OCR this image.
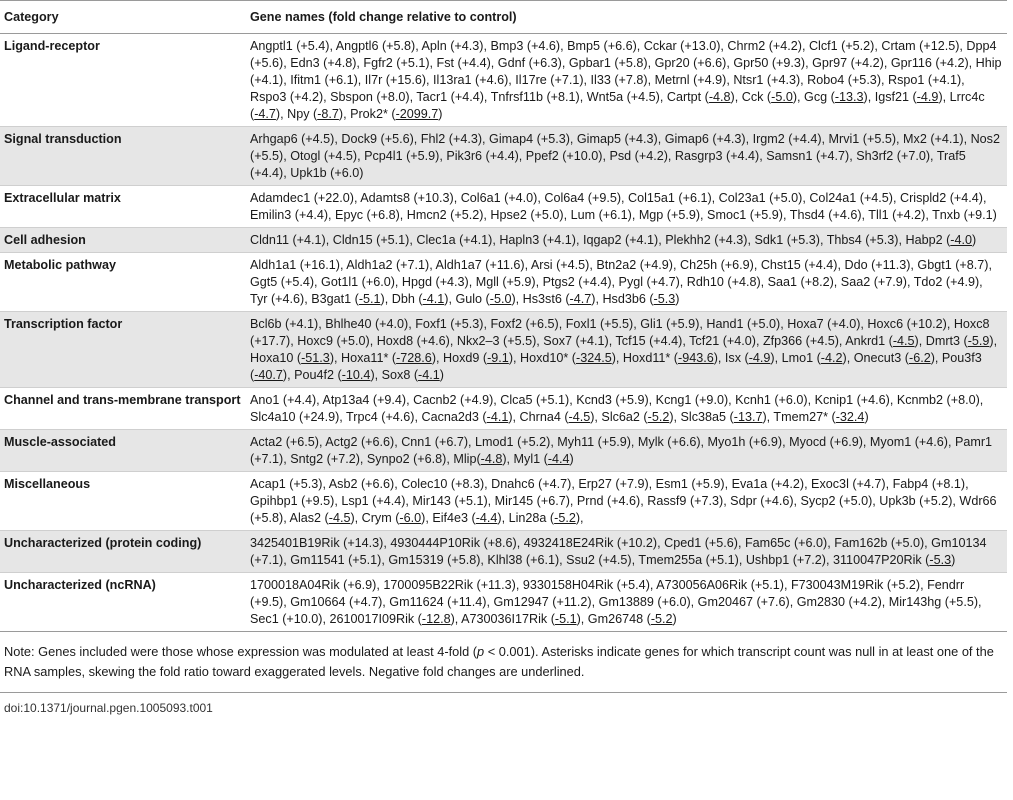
Category	Gene names (fold change relative to control)
Ligand-receptor	Angptl1 (+5.4), Angptl6 (+5.8), Apln (+4.3), Bmp3 (+4.6), Bmp5 (+6.6), Cckar (+13.0), Chrm2 (+4.2), Clcf1 (+5.2), Crtam (+12.5), Dpp4 (+5.6), Edn3 (+4.8), Fgfr2 (+5.1), Fst (+4.4), Gdnf (+6.3), Gpbar1 (+5.8), Gpr20 (+6.6), Gpr50 (+9.3), Gpr97 (+4.2), Gpr116 (+4.2), Hhip (+4.1), Ifitm1 (+6.1), Il7r (+15.6), Il13ra1 (+4.6), Il17re (+7.1), Il33 (+7.8), Metrnl (+4.9), Ntsr1 (+4.3), Robo4 (+5.3), Rspo1 (+4.1), Rspo3 (+4.2), Sbspon (+8.0), Tacr1 (+4.4), Tnfrsf11b (+8.1), Wnt5a (+4.5), Cartpt (-4.8), Cck (-5.0), Gcg (-13.3), Igsf21 (-4.9), Lrrc4c (-4.7), Npy (-8.7), Prok2* (-2099.7)
Signal transduction	Arhgap6 (+4.5), Dock9 (+5.6), Fhl2 (+4.3), Gimap4 (+5.3), Gimap5 (+4.3), Gimap6 (+4.3), Irgm2 (+4.4), Mrvi1 (+5.5), Mx2 (+4.1), Nos2 (+5.5), Otogl (+4.5), Pcp4l1 (+5.9), Pik3r6 (+4.4), Ppef2 (+10.0), Psd (+4.2), Rasgrp3 (+4.4), Samsn1 (+4.7), Sh3rf2 (+7.0), Traf5 (+4.4), Upk1b (+6.0)
Extracellular matrix	Adamdec1 (+22.0), Adamts8 (+10.3), Col6a1 (+4.0), Col6a4 (+9.5), Col15a1 (+6.1), Col23a1 (+5.0), Col24a1 (+4.5), Crispld2 (+4.4), Emilin3 (+4.4), Epyc (+6.8), Hmcn2 (+5.2), Hpse2 (+5.0), Lum (+6.1), Mgp (+5.9), Smoc1 (+5.9), Thsd4 (+4.6), Tll1 (+4.2), Tnxb (+9.1)
Cell adhesion	Cldn11 (+4.1), Cldn15 (+5.1), Clec1a (+4.1), Hapln3 (+4.1), Iqgap2 (+4.1), Plekhh2 (+4.3), Sdk1 (+5.3), Thbs4 (+5.3), Habp2 (-4.0)
Metabolic pathway	Aldh1a1 (+16.1), Aldh1a2 (+7.1), Aldh1a7 (+11.6), Arsi (+4.5), Btn2a2 (+4.9), Ch25h (+6.9), Chst15 (+4.4), Ddo (+11.3), Gbgt1 (+8.7), Ggt5 (+5.4), Got1l1 (+6.0), Hpgd (+4.3), Mgll (+5.9), Ptgs2 (+4.4), Pygl (+4.7), Rdh10 (+4.8), Saa1 (+8.2), Saa2 (+7.9), Tdo2 (+4.9), Tyr (+4.6), B3gat1 (-5.1), Dbh (-4.1), Gulo (-5.0), Hs3st6 (-4.7), Hsd3b6 (-5.3)
Transcription factor	Bcl6b (+4.1), Bhlhe40 (+4.0), Foxf1 (+5.3), Foxf2 (+6.5), Foxl1 (+5.5), Gli1 (+5.9), Hand1 (+5.0), Hoxa7 (+4.0), Hoxc6 (+10.2), Hoxc8 (+17.7), Hoxc9 (+5.0), Hoxd8 (+4.6), Nkx2–3 (+5.5), Sox7 (+4.1), Tcf15 (+4.4), Tcf21 (+4.0), Zfp366 (+4.5), Ankrd1 (-4.5), Dmrt3 (-5.9), Hoxa10 (-51.3), Hoxa11* (-728.6), Hoxd9 (-9.1), Hoxd10* (-324.5), Hoxd11* (-943.6), Isx (-4.9), Lmo1 (-4.2), Onecut3 (-6.2), Pou3f3 (-40.7), Pou4f2 (-10.4), Sox8 (-4.1)
Channel and trans-membrane transport	Ano1 (+4.4), Atp13a4 (+9.4), Cacnb2 (+4.9), Clca5 (+5.1), Kcnd3 (+5.9), Kcng1 (+9.0), Kcnh1 (+6.0), Kcnip1 (+4.6), Kcnmb2 (+8.0), Slc4a10 (+24.9), Trpc4 (+4.6), Cacna2d3 (-4.1), Chrna4 (-4.5), Slc6a2 (-5.2), Slc38a5 (-13.7), Tmem27* (-32.4)
Muscle-associated	Acta2 (+6.5), Actg2 (+6.6), Cnn1 (+6.7), Lmod1 (+5.2), Myh11 (+5.9), Mylk (+6.6), Myo1h (+6.9), Myocd (+6.9), Myom1 (+4.6), Pamr1 (+7.1), Sntg2 (+7.2), Synpo2 (+6.8), Mlip(-4.8), Myl1 (-4.4)
Miscellaneous	Acap1 (+5.3), Asb2 (+6.6), Colec10 (+8.3), Dnahc6 (+4.7), Erp27 (+7.9), Esm1 (+5.9), Eva1a (+4.2), Exoc3l (+4.7), Fabp4 (+8.1), Gpihbp1 (+9.5), Lsp1 (+4.4), Mir143 (+5.1), Mir145 (+6.7), Prnd (+4.6), Rassf9 (+7.3), Sdpr (+4.6), Sycp2 (+5.0), Upk3b (+5.2), Wdr66 (+5.8), Alas2 (-4.5), Crym (-6.0), Eif4e3 (-4.4), Lin28a (-5.2),
Uncharacterized (protein coding)	3425401B19Rik (+14.3), 4930444P10Rik (+8.6), 4932418E24Rik (+10.2), Cped1 (+5.6), Fam65c (+6.0), Fam162b (+5.0), Gm10134 (+7.1), Gm11541 (+5.1), Gm15319 (+5.8), Klhl38 (+6.1), Ssu2 (+4.5), Tmem255a (+5.1), Ushbp1 (+7.2), 3110047P20Rik (-5.3)
Uncharacterized (ncRNA)	1700018A04Rik (+6.9), 1700095B22Rik (+11.3), 9330158H04Rik (+5.4), A730056A06Rik (+5.1), F730043M19Rik (+5.2), Fendrr (+9.5), Gm10664 (+4.7), Gm11624 (+11.4), Gm12947 (+11.2), Gm13889 (+6.0), Gm20467 (+7.6), Gm2830 (+4.2), Mir143hg (+5.5), Sec1 (+10.0), 2610017I09Rik (-12.8), A730036I17Rik (-5.1), Gm26748 (-5.2)
Note: Genes included were those whose expression was modulated at least 4-fold (p < 0.001). Asterisks indicate genes for which transcript count was null in at least one of the RNA samples, skewing the fold ratio toward exaggerated levels. Negative fold changes are underlined.
doi:10.1371/journal.pgen.1005093.t001
